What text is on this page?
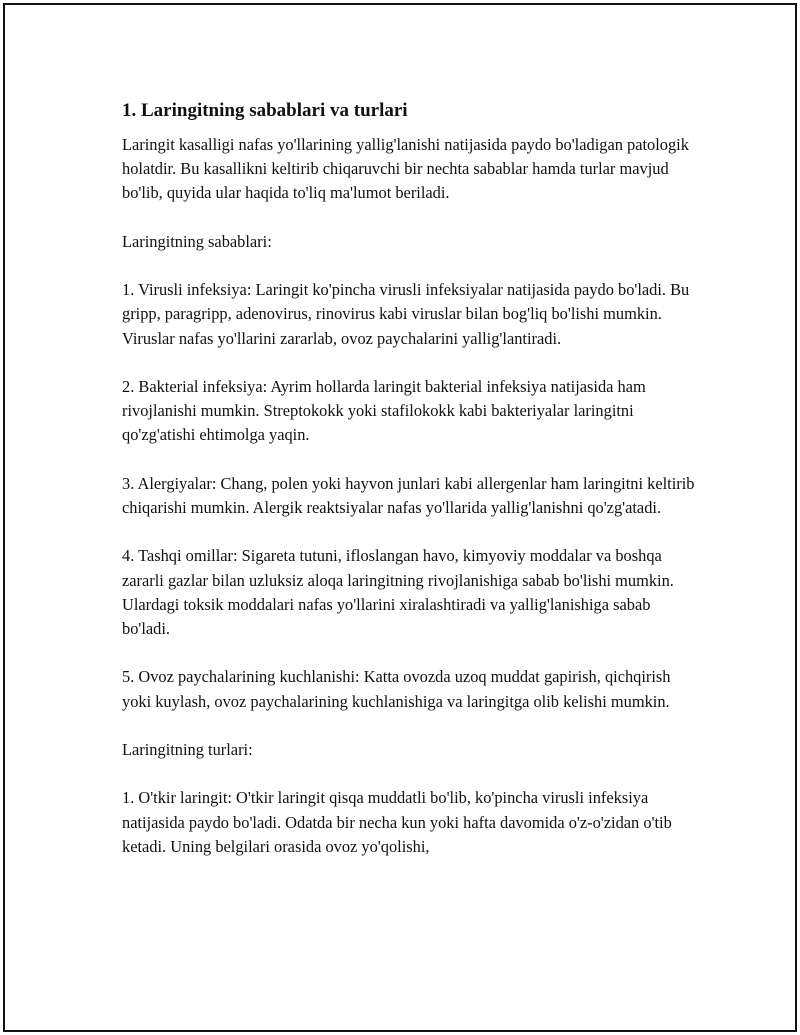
1. Laringitning sabablari va turlari

Laringit kasalligi nafas yo'llarining yallig'lanishi natijasida paydo bo'ladigan patologik holatdir. Bu kasallikni keltirib chiqaruvchi bir nechta sabablar hamda turlar mavjud bo'lib, quyida ular haqida to'liq ma'lumot beriladi.

Laringitning sabablari:

1. Virusli infeksiya: Laringit ko'pincha virusli infeksiyalar natijasida paydo bo'ladi. Bu gripp, paragripp, adenovirus, rinovirus kabi viruslar bilan bog'liq bo'lishi mumkin. Viruslar nafas yo'llarini zararlab, ovoz paychalarini yallig'lantiradi.

2. Bakterial infeksiya: Ayrim hollarda laringit bakterial infeksiya natijasida ham rivojlanishi mumkin. Streptokokk yoki stafilokokk kabi bakteriyalar laringitni qo'zg'atishi ehtimolga yaqin.

3. Alergiyalar: Chang, polen yoki hayvon junlari kabi allergenlar ham laringitni keltirib chiqarishi mumkin. Alergik reaktsiyalar nafas yo'llarida yallig'lanishni qo'zg'atadi.

4. Tashqi omillar: Sigareta tutuni, ifloslangan havo, kimyoviy moddalar va boshqa zararli gazlar bilan uzluksiz aloqa laringitning rivojlanishiga sabab bo'lishi mumkin. Ulardagi toksik moddalari nafas yo'llarini xiralashtiradi va yallig'lanishiga sabab bo'ladi.

5. Ovoz paychalarining kuchlanishi: Katta ovozda uzoq muddat gapirish, qichqirish yoki kuylash, ovoz paychalarining kuchlanishiga va laringitga olib kelishi mumkin.

Laringitning turlari:

1. O'tkir laringit: O'tkir laringit qisqa muddatli bo'lib, ko'pincha virusli infeksiya natijasida paydo bo'ladi. Odatda bir necha kun yoki hafta davomida o'z-o'zidan o'tib ketadi. Uning belgilari orasida ovoz yo'qolishi,
